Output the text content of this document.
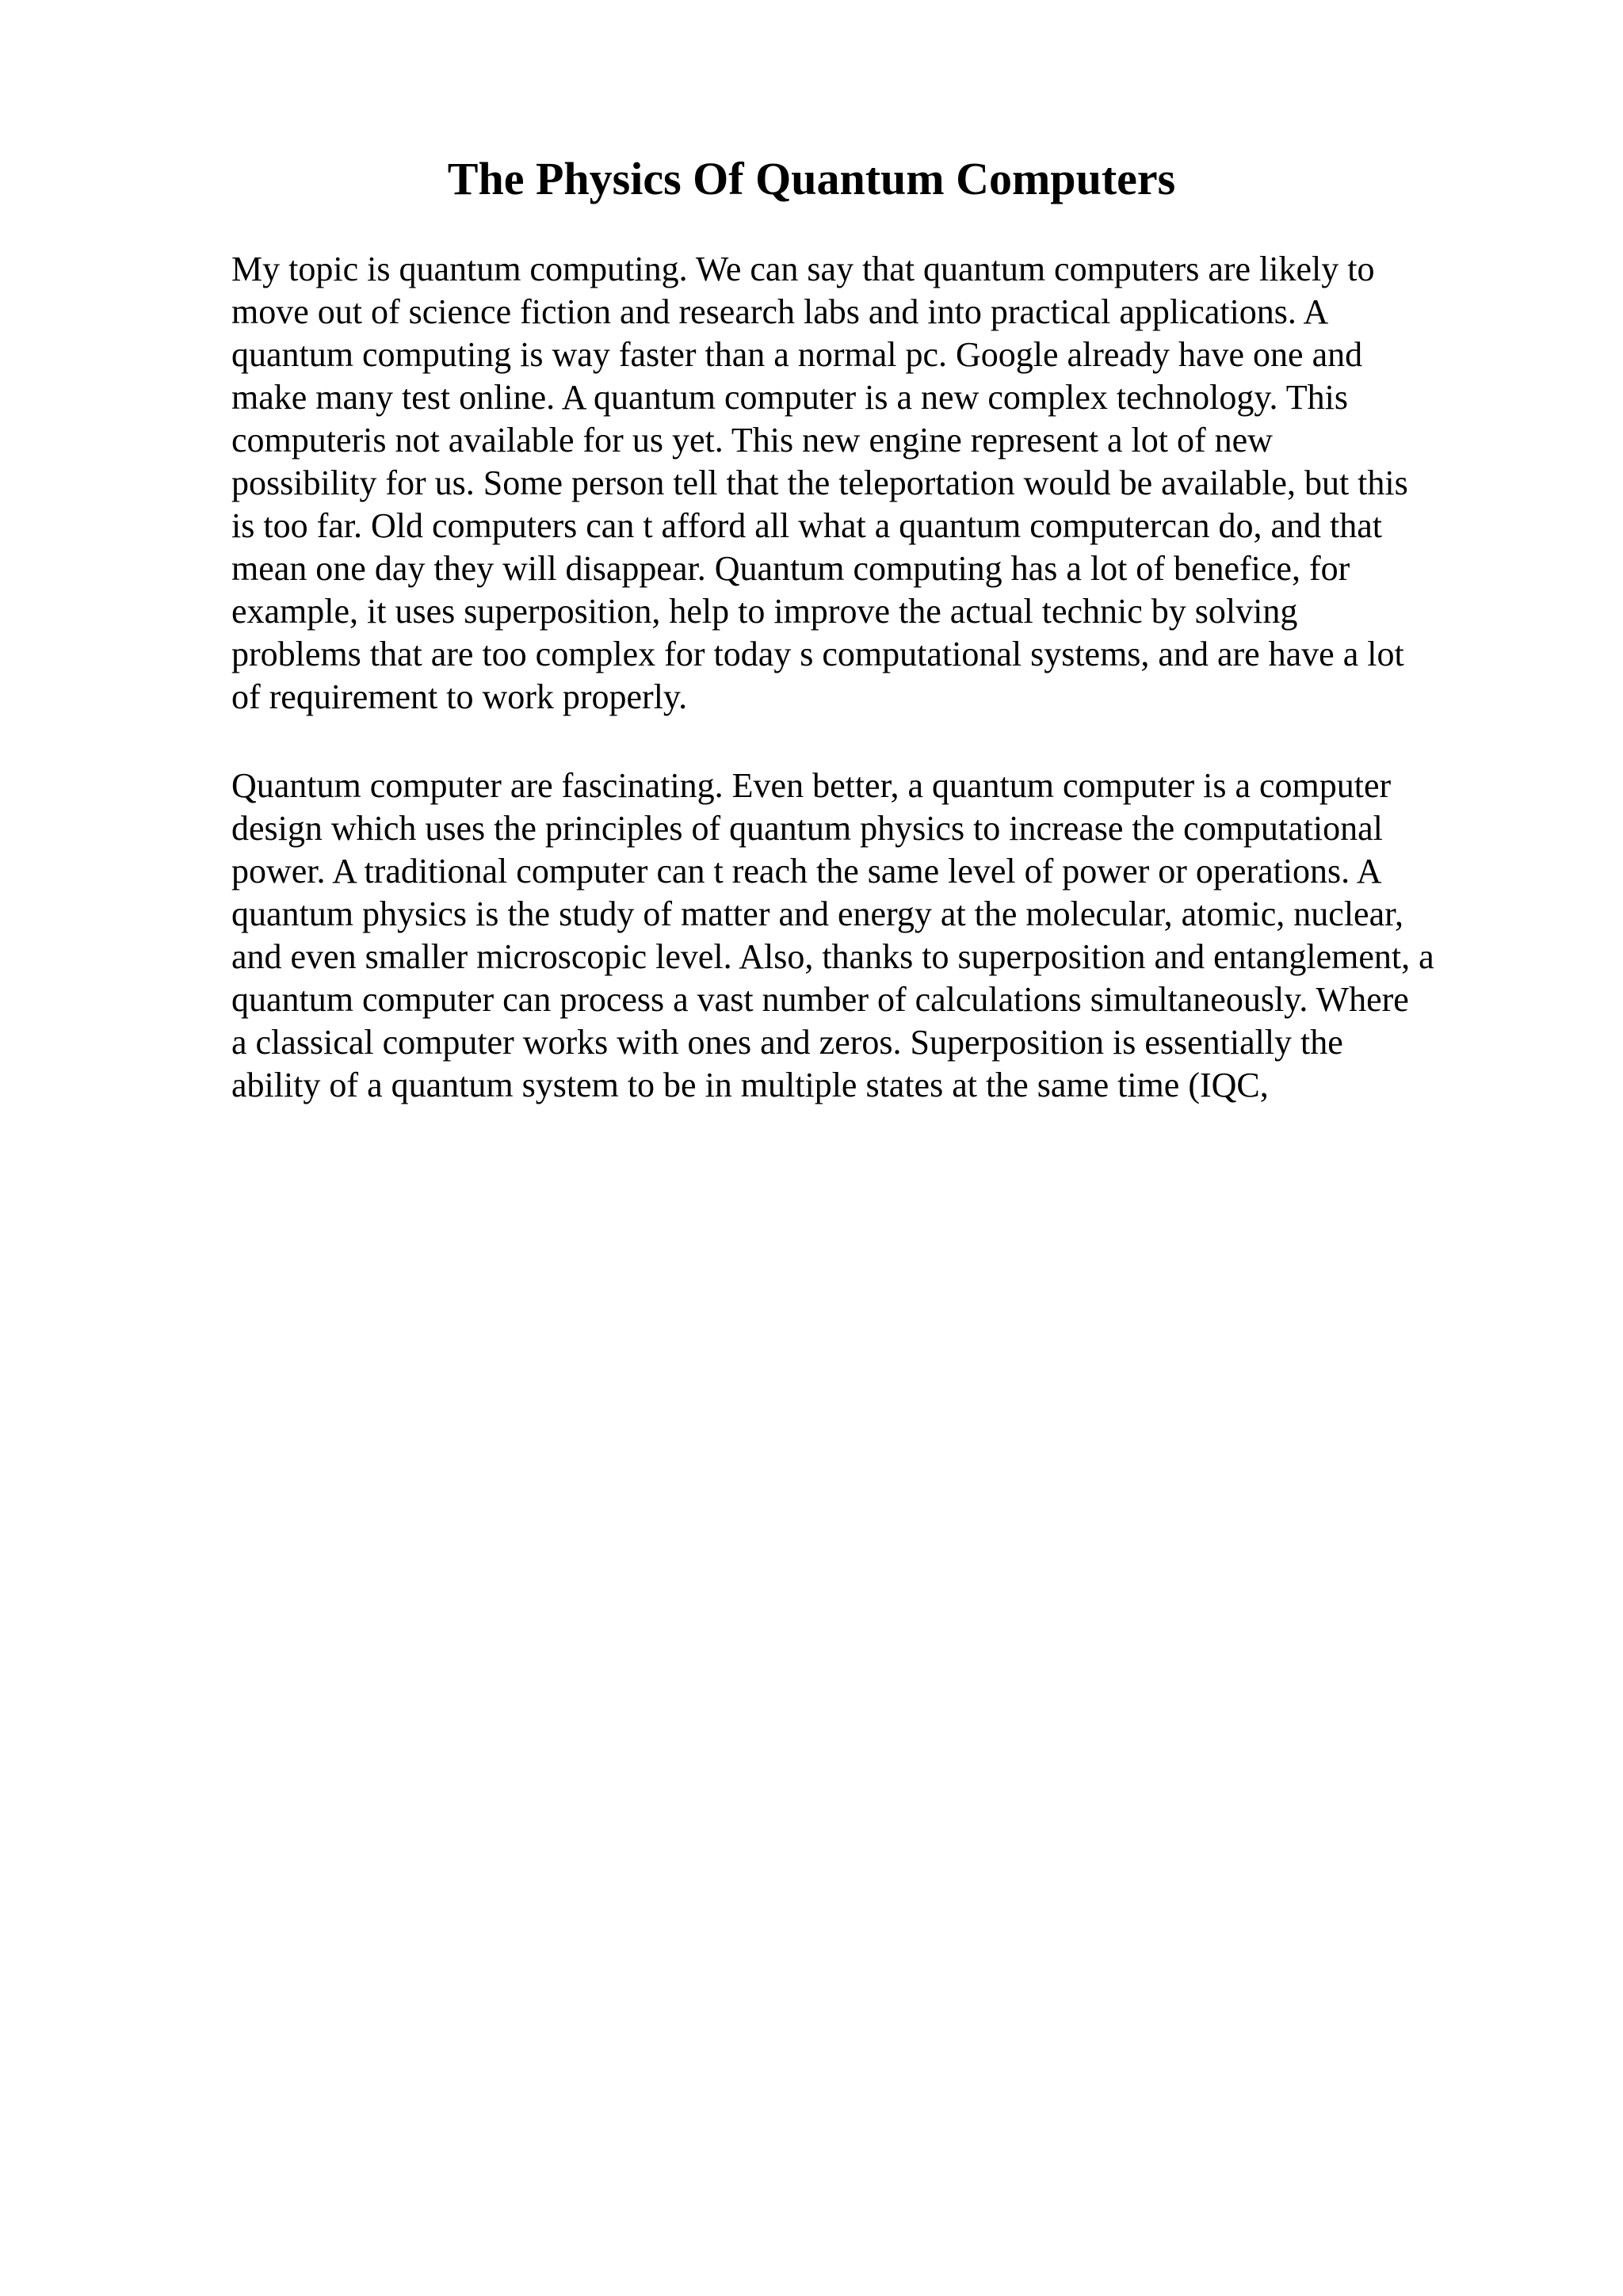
The Physics Of Quantum Computers
My topic is quantum computing. We can say that quantum computers are likely to
move out of science fiction and research labs and into practical applications. A
quantum computing is way faster than a normal pc. Google already have one and
make many test online. A quantum computer is a new complex technology. This
computeris not available for us yet. This new engine represent a lot of new
possibility for us. Some person tell that the teleportation would be available, but this
is too far. Old computers can t afford all what a quantum computercan do, and that
mean one day they will disappear. Quantum computing has a lot of benefice, for
example, it uses superposition, help to improve the actual technic by solving
problems that are too complex for today s computational systems, and are have a lot
of requirement to work properly.
Quantum computer are fascinating. Even better, a quantum computer is a computer
design which uses the principles of quantum physics to increase the computational
power. A traditional computer can t reach the same level of power or operations. A
quantum physics is the study of matter and energy at the molecular, atomic, nuclear,
and even smaller microscopic level. Also, thanks to superposition and entanglement, a
quantum computer can process a vast number of calculations simultaneously. Where
a classical computer works with ones and zeros. Superposition is essentially the
ability of a quantum system to be in multiple states at the same time (IQC,
